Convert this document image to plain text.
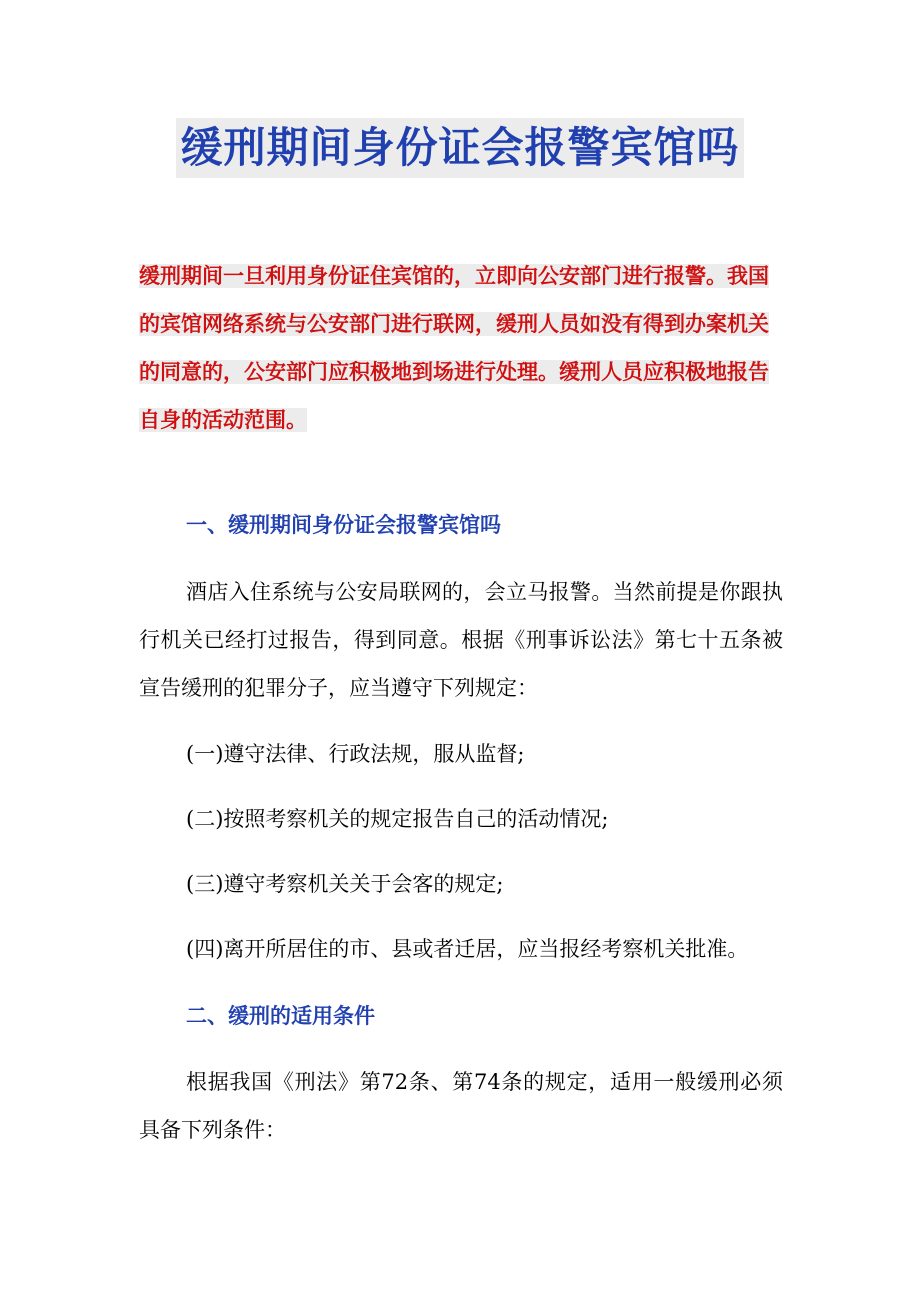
缓刑期间身份证会报警宾馆吗

缓刑期间一旦利用身份证住宾馆的，立即向公安部门进行报警。我国的宾馆网络系统与公安部门进行联网，缓刑人员如没有得到办案机关的同意的，公安部门应积极地到场进行处理。缓刑人员应积极地报告自身的活动范围。

一、缓刑期间身份证会报警宾馆吗

酒店入住系统与公安局联网的，会立马报警。当然前提是你跟执行机关已经打过报告，得到同意。根据《刑事诉讼法》第七十五条被宣告缓刑的犯罪分子，应当遵守下列规定：

(一)遵守法律、行政法规，服从监督;

(二)按照考察机关的规定报告自己的活动情况;

(三)遵守考察机关关于会客的规定;

(四)离开所居住的市、县或者迁居，应当报经考察机关批准。

二、缓刑的适用条件

根据我国《刑法》第72条、第74条的规定，适用一般缓刑必须具备下列条件：
